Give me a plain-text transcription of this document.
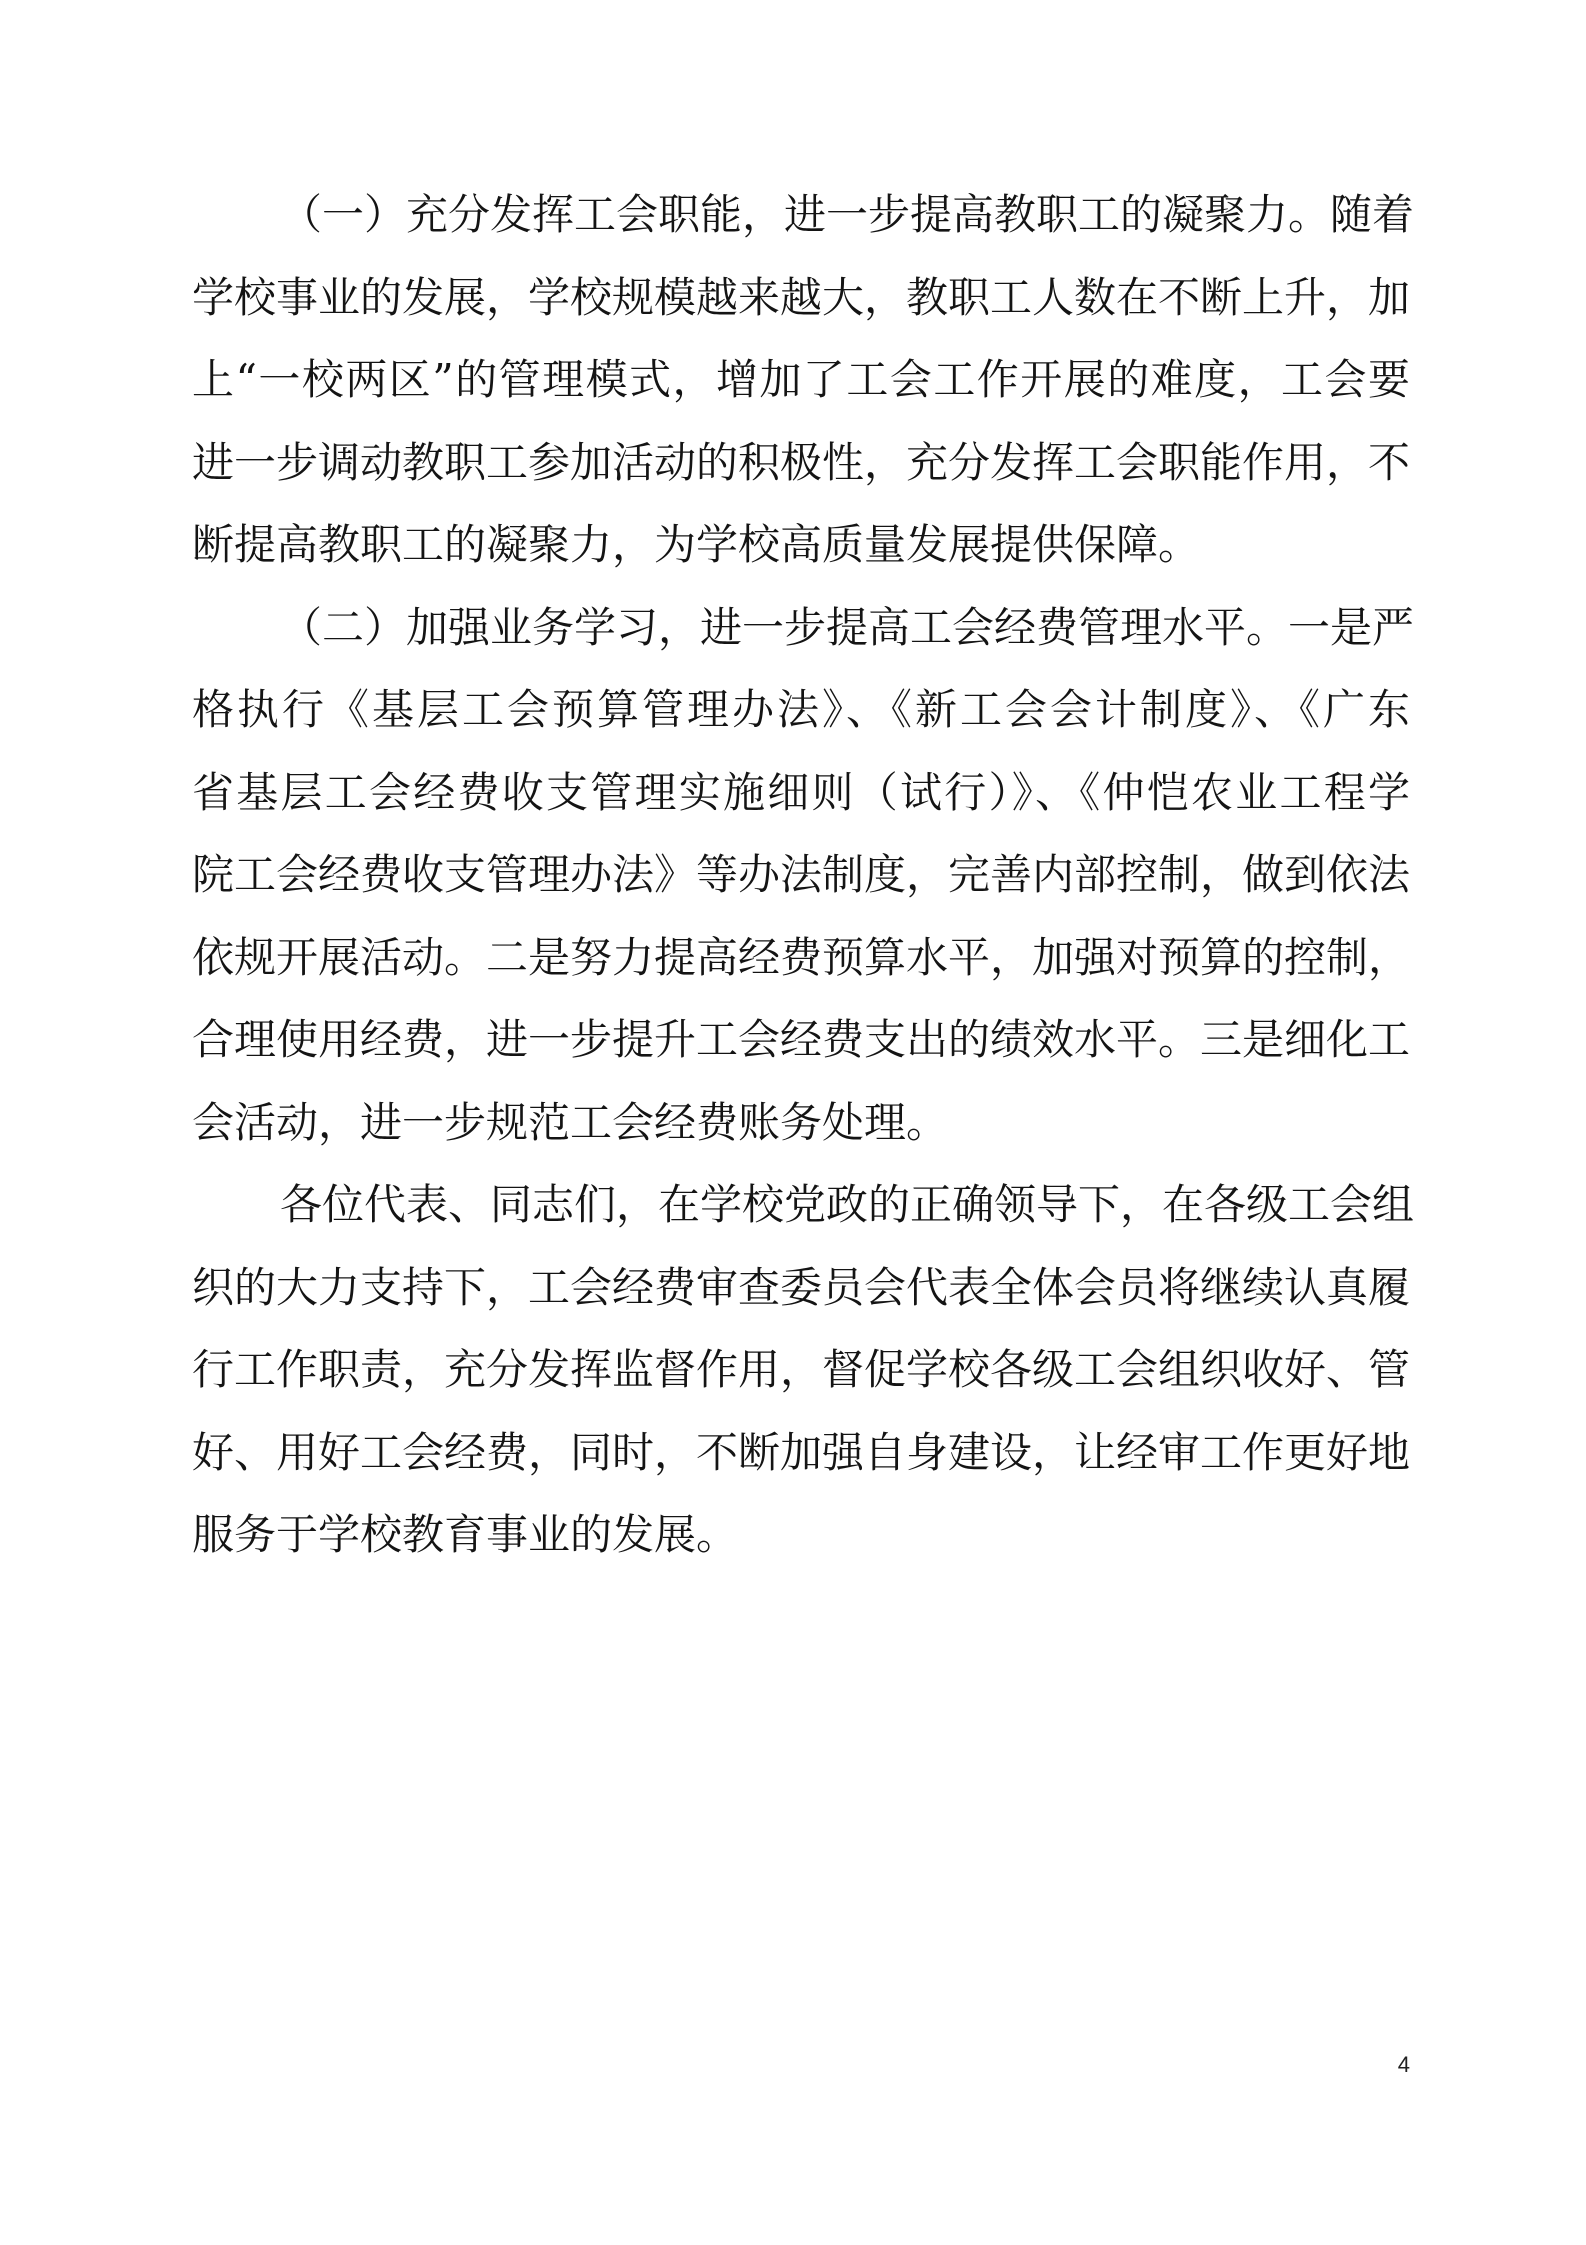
（一）充分发挥工会职能，进一步提高教职工的凝聚力。随着
学校事业的发展，学校规模越来越大，教职工人数在不断上升，加
上“一校两区”的管理模式，增加了工会工作开展的难度，工会要
进一步调动教职工参加活动的积极性，充分发挥工会职能作用，不
断提高教职工的凝聚力，为学校高质量发展提供保障。
（二）加强业务学习，进一步提高工会经费管理水平。一是严
格执行《基层工会预算管理办法》、《新工会会计制度》、《广东
省基层工会经费收支管理实施细则（试行）》、《仲恺农业工程学
院工会经费收支管理办法》等办法制度，完善内部控制，做到依法
依规开展活动。二是努力提高经费预算水平，加强对预算的控制，
合理使用经费，进一步提升工会经费支出的绩效水平。三是细化工
会活动，进一步规范工会经费账务处理。
各位代表、同志们，在学校党政的正确领导下，在各级工会组
织的大力支持下，工会经费审查委员会代表全体会员将继续认真履
行工作职责，充分发挥监督作用，督促学校各级工会组织收好、管
好、用好工会经费，同时，不断加强自身建设，让经审工作更好地
服务于学校教育事业的发展。
4
